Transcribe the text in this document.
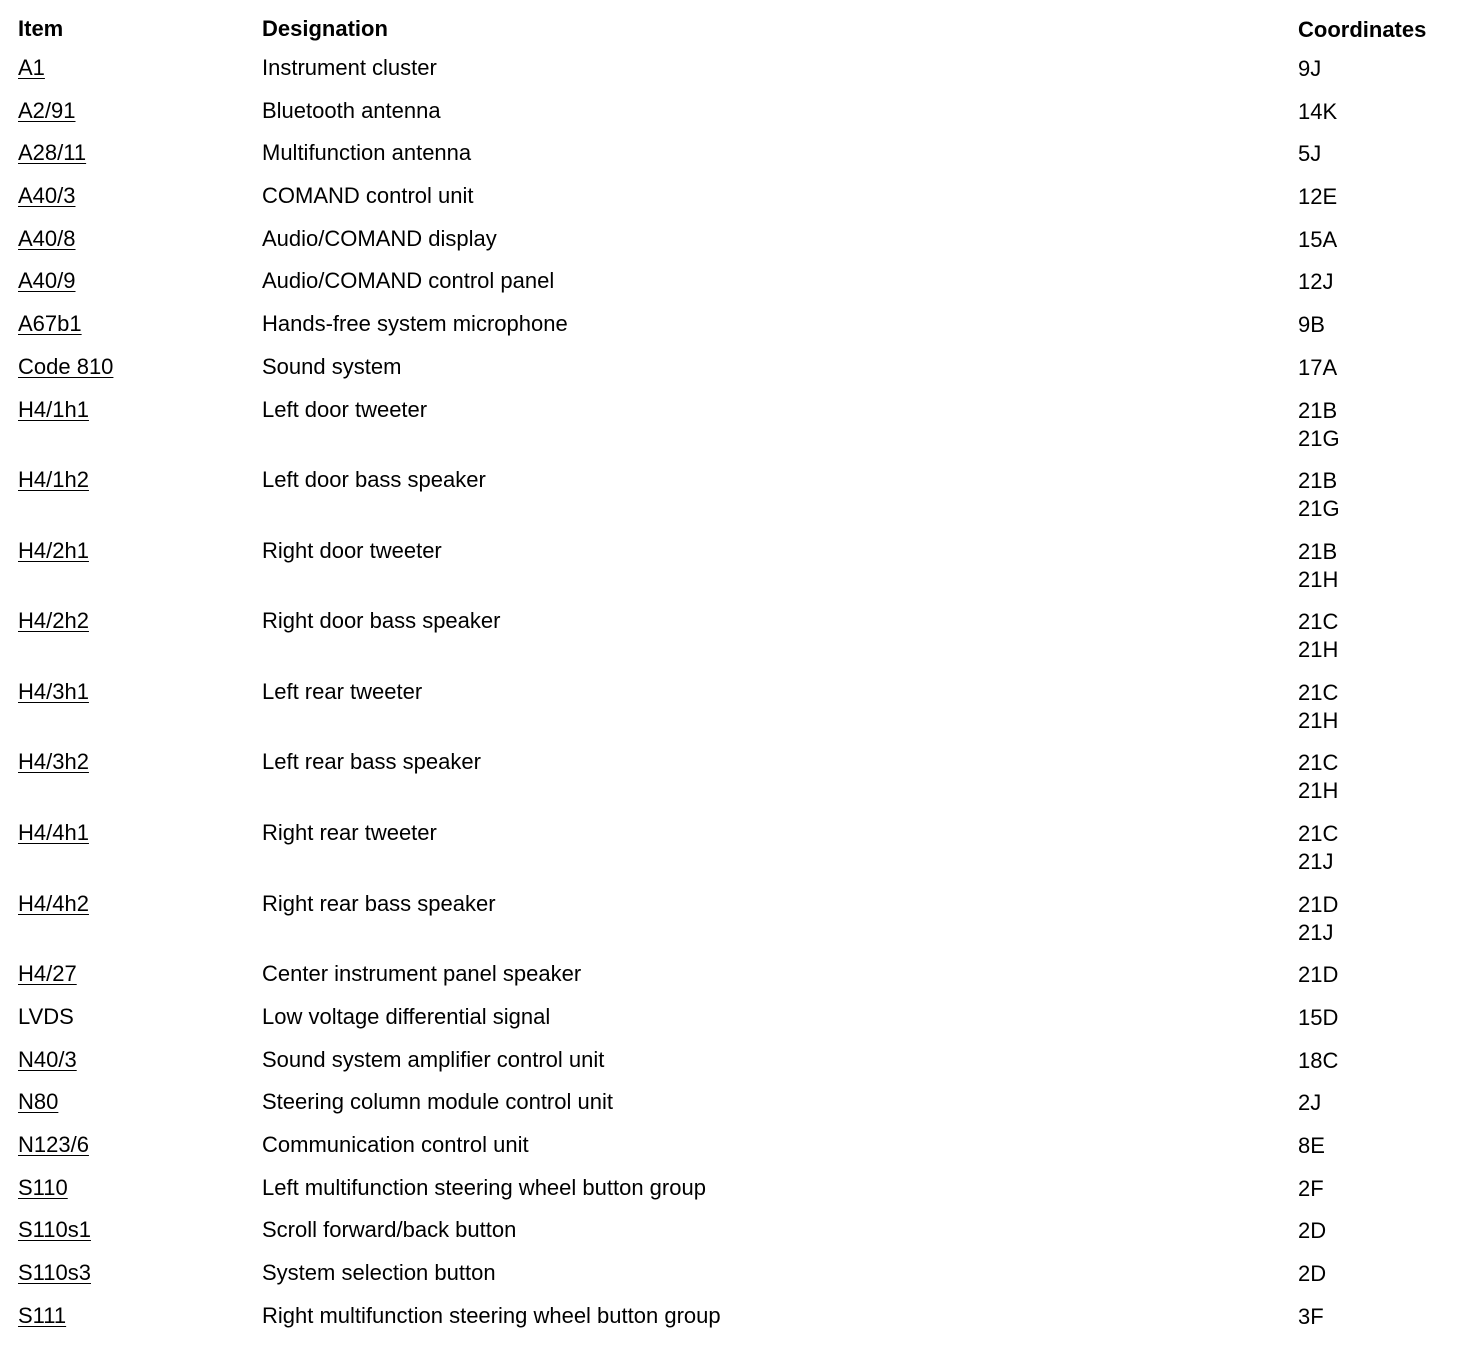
Item	Designation	Coordinates
A1	Instrument cluster	9J
A2/91	Bluetooth antenna	14K
A28/11	Multifunction antenna	5J
A40/3	COMAND control unit	12E
A40/8	Audio/COMAND display	15A
A40/9	Audio/COMAND control panel	12J
A67b1	Hands-free system microphone	9B
Code 810	Sound system	17A
H4/1h1	Left door tweeter	21B
21G
H4/1h2	Left door bass speaker	21B
21G
H4/2h1	Right door tweeter	21B
21H
H4/2h2	Right door bass speaker	21C
21H
H4/3h1	Left rear tweeter	21C
21H
H4/3h2	Left rear bass speaker	21C
21H
H4/4h1	Right rear tweeter	21C
21J
H4/4h2	Right rear bass speaker	21D
21J
H4/27	Center instrument panel speaker	21D
LVDS	Low voltage differential signal	15D
N40/3	Sound system amplifier control unit	18C
N80	Steering column module control unit	2J
N123/6	Communication control unit	8E
S110	Left multifunction steering wheel button group	2F
S110s1	Scroll forward/back button	2D
S110s3	System selection button	2D
S111	Right multifunction steering wheel button group	3F
